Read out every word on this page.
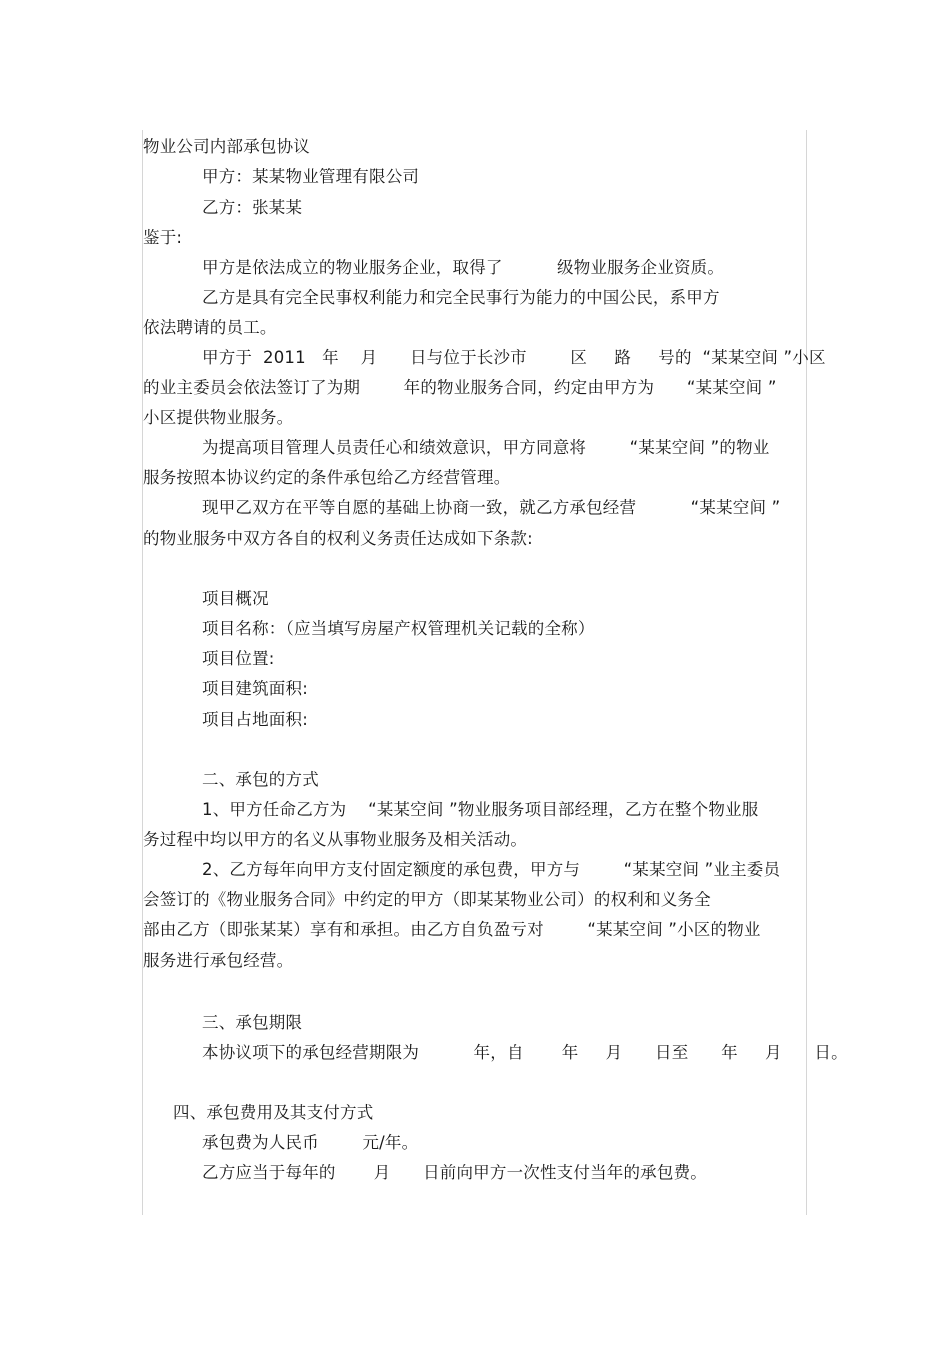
物业公司内部承包协议
甲方：某某物业管理有限公司
乙方：张某某
鉴于:
甲方是依法成立的物业服务企业，取得了          级物业服务企业资质。
乙方是具有完全民事权利能力和完全民事行为能力的中国公民，系甲方
依法聘请的员工。
甲方于  2011   年    月      日与位于长沙市        区     路     号的  “某某空间 ”小区
的业主委员会依法签订了为期        年的物业服务合同，约定由甲方为      “某某空间 ”
小区提供物业服务。
为提高项目管理人员责任心和绩效意识，甲方同意将        “某某空间 ”的物业
服务按照本协议约定的条件承包给乙方经营管理。
现甲乙双方在平等自愿的基础上协商一致，就乙方承包经营          “某某空间 ”
的物业服务中双方各自的权利义务责任达成如下条款:
项目概况
项目名称：（应当填写房屋产权管理机关记载的全称）
项目位置:
项目建筑面积:
项目占地面积:
二、承包的方式
1、甲方任命乙方为    “某某空间 ”物业服务项目部经理，乙方在整个物业服
务过程中均以甲方的名义从事物业服务及相关活动。
2、乙方每年向甲方支付固定额度的承包费，甲方与        “某某空间 ”业主委员
会签订的《物业服务合同》中约定的甲方（即某某物业公司）的权利和义务全
部由乙方（即张某某）享有和承担。由乙方自负盈亏对        “某某空间 ”小区的物业
服务进行承包经营。
三、承包期限
本协议项下的承包经营期限为          年，自       年     月      日至      年     月      日。
四、承包费用及其支付方式
承包费为人民币        元/年。
乙方应当于每年的       月      日前向甲方一次性支付当年的承包费。
